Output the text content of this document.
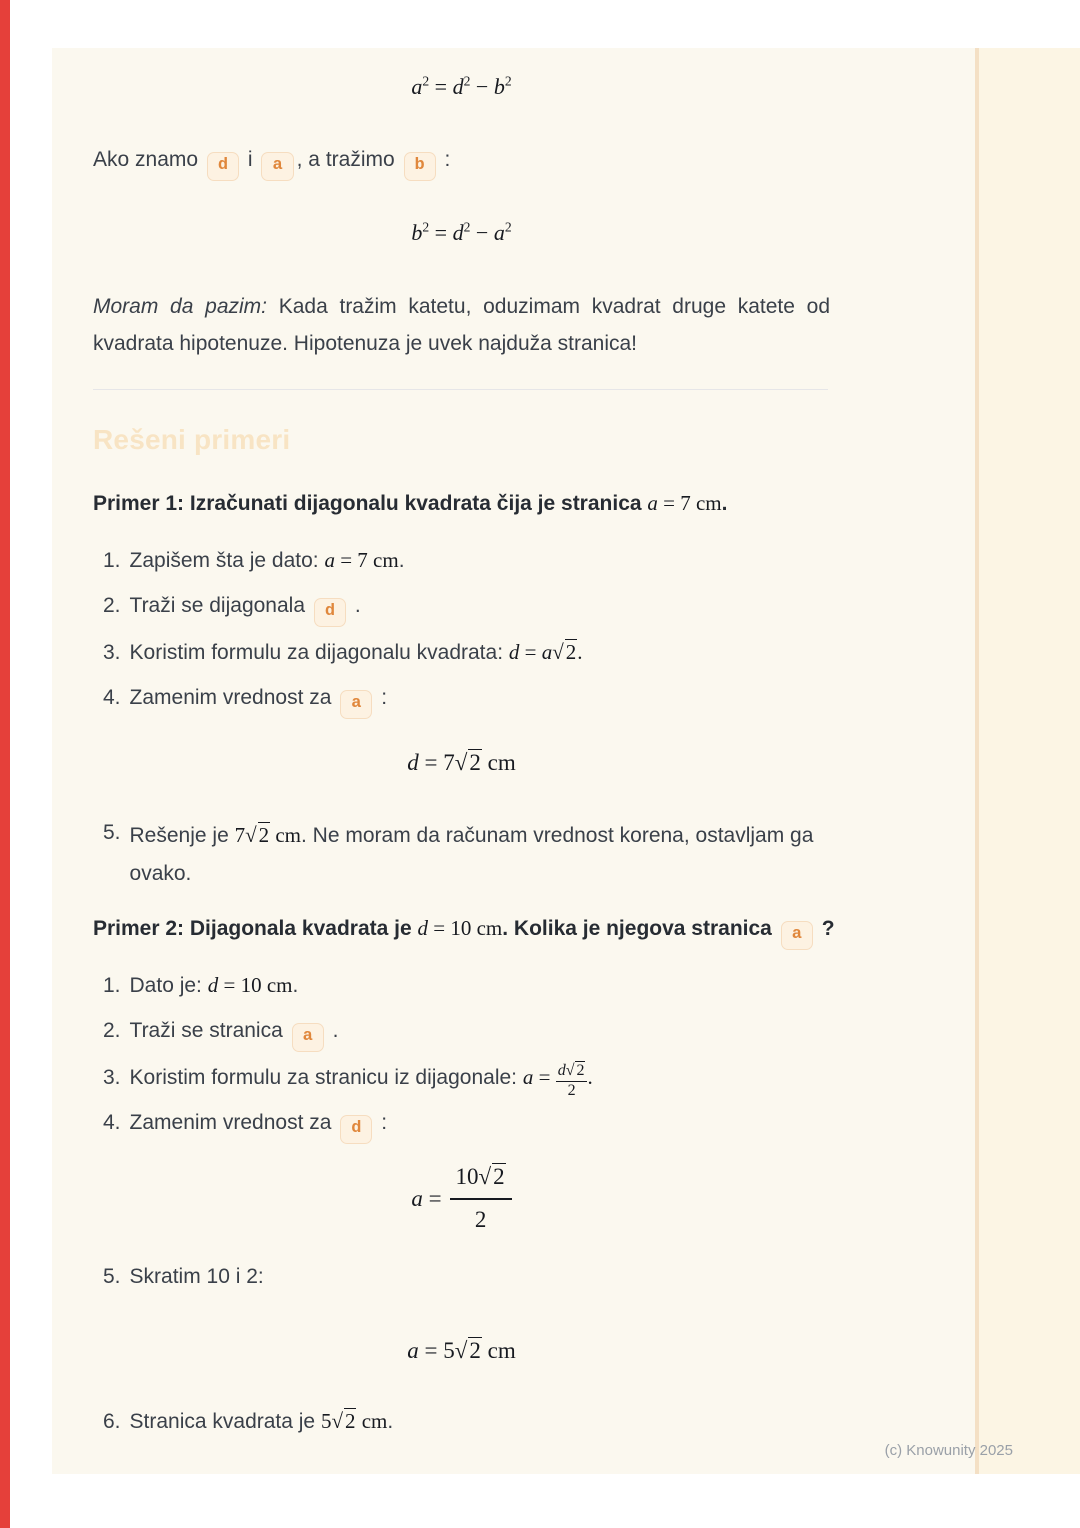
$a^2 = d^2 - b^2$
Ako znamo d i a , a tražimo b :
$b^2 = d^2 - a^2$
Moram da pazim: Kada tražim katetu, oduzimam kvadrat druge katete od kvadrata hipotenuze. Hipotenuza je uvek najduža stranica!
Rešeni primeri
Primer 1: Izračunati dijagonalu kvadrata čija je stranica a = 7 cm.
1. Zapišem šta je dato: a = 7 cm.
2. Traži se dijagonala d .
3. Koristim formulu za dijagonalu kvadrata: d = a√2.
4. Zamenim vrednost za a :
d = 7√2 cm
5. Rešenje je 7√2 cm. Ne moram da računam vrednost korena, ostavljam ga ovako.
Primer 2: Dijagonala kvadrata je d = 10 cm. Kolika je njegova stranica a ?
1. Dato je: d = 10 cm.
2. Traži se stranica a .
3. Koristim formulu za stranicu iz dijagonale: $a = \frac{d√ 2}{2}$ .
4. Zamenim vrednost za d :
$a = \frac{10√2}{2}$
5. Skratim 10 i 2:
a = 5√2 cm
6. Stranica kvadrata je 5√2 cm.
(c) Knowunity 2025
